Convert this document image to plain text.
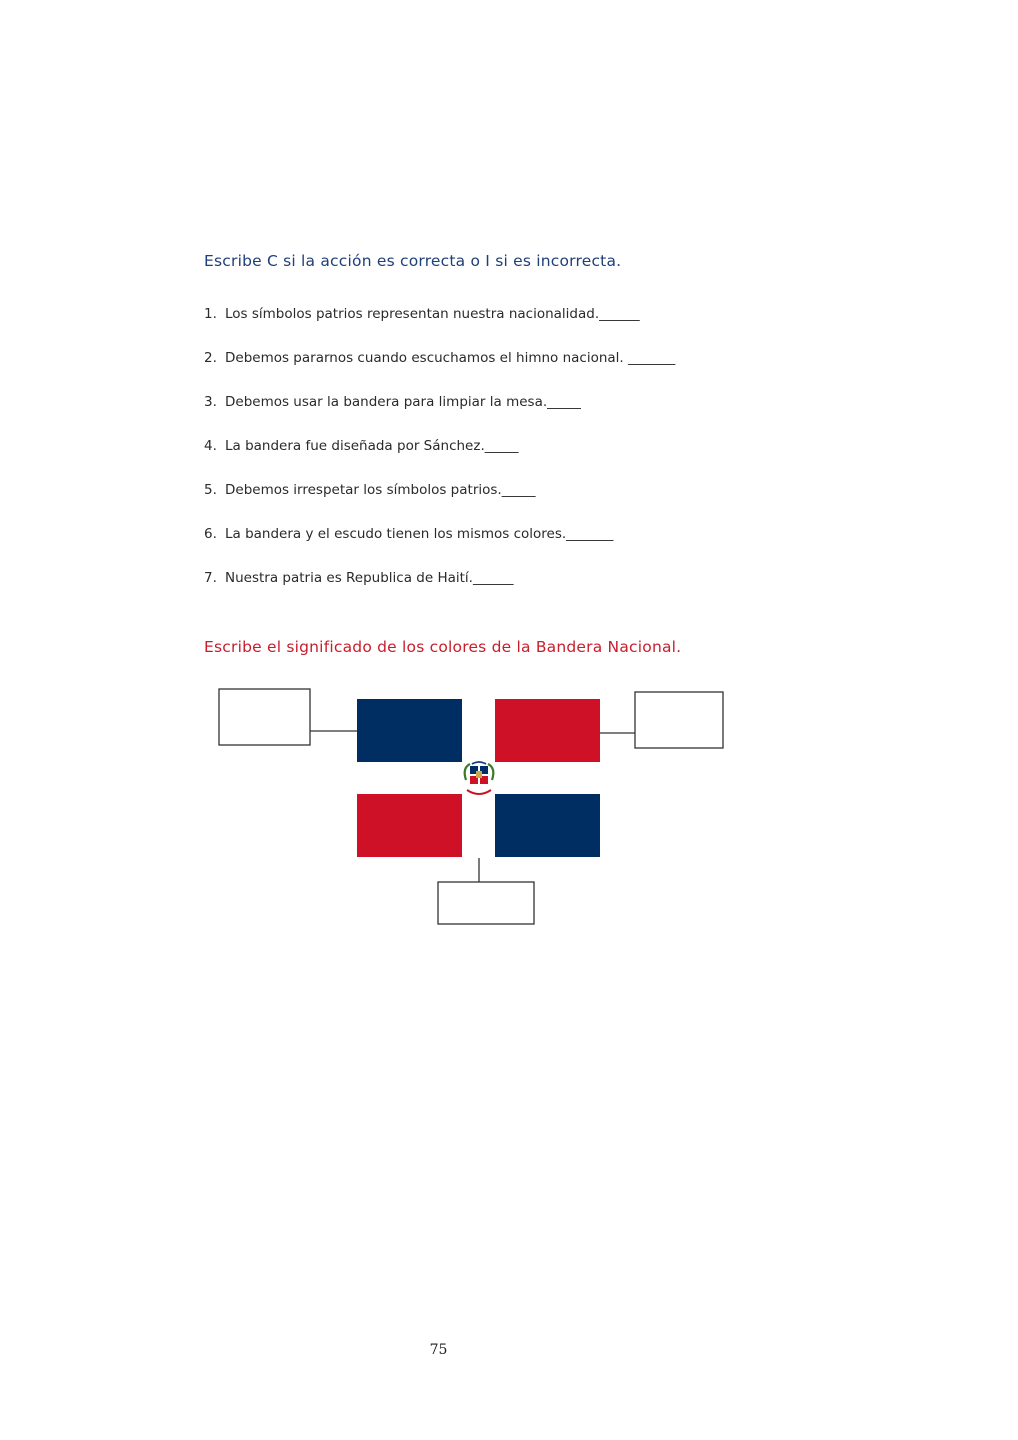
Escribe C si la acción es correcta o I si es incorrecta.
1. Los símbolos patrios representan nuestra nacionalidad.______
2. Debemos pararnos cuando escuchamos el himno nacional. _______
3. Debemos usar la bandera para limpiar la mesa._____
4. La bandera fue diseñada por Sánchez._____
5. Debemos irrespetar los símbolos patrios._____
6. La bandera y el escudo tienen los mismos colores._______
7. Nuestra patria es Republica de Haití.______
Escribe el significado de los colores de la Bandera Nacional.
75
